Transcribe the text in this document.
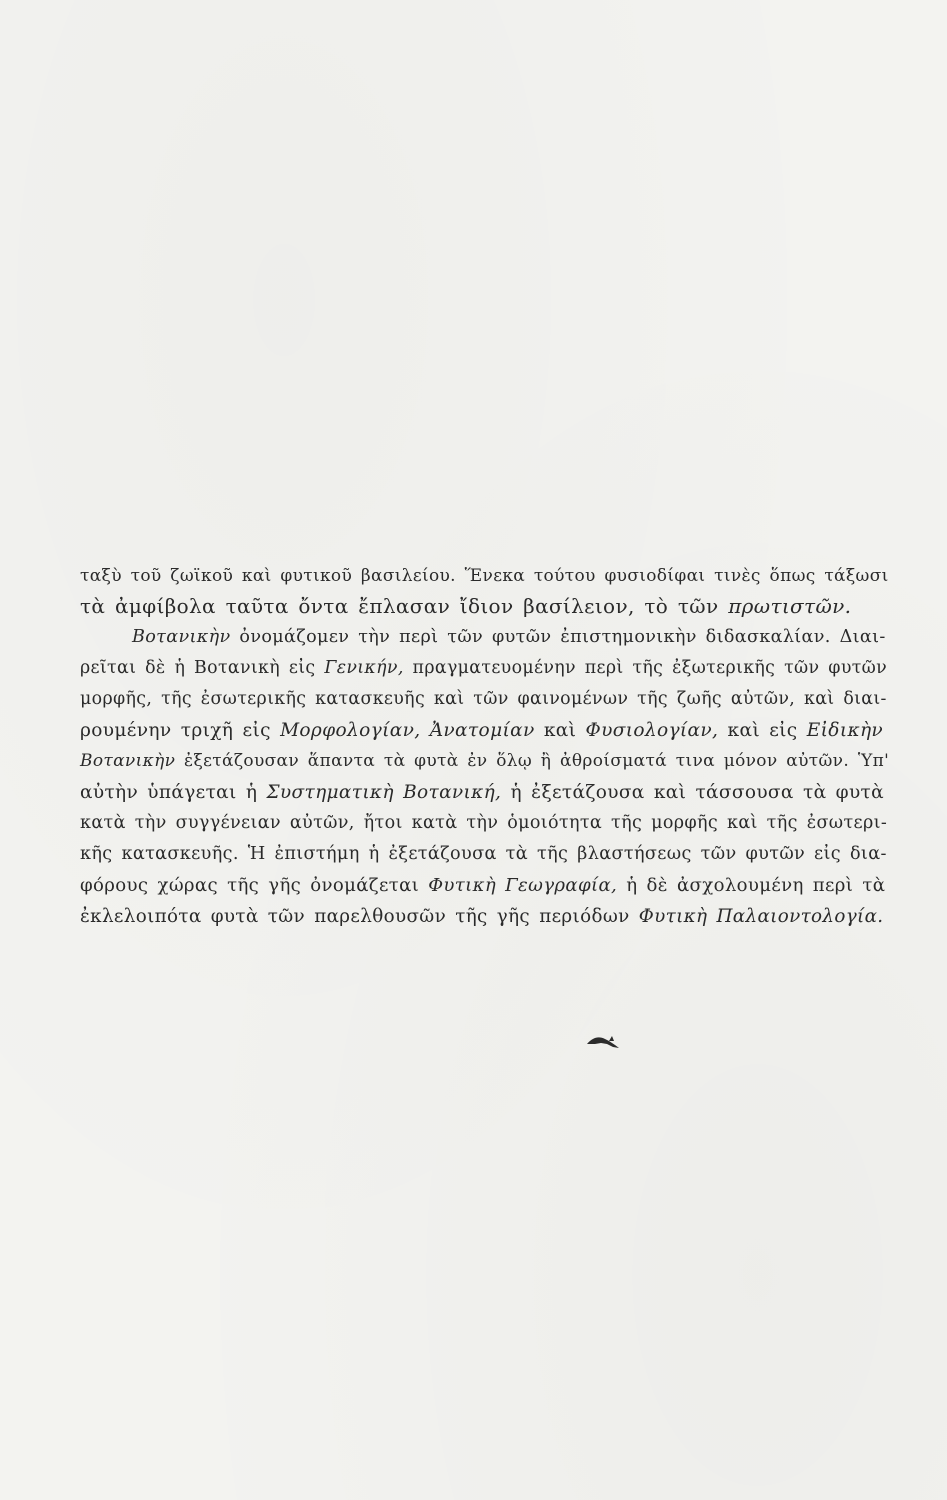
ταξὺ τοῦ ζωϊκοῦ καὶ φυτικοῦ βασιλείου. Ἕνεκα τούτου φυσιοδίφαι τινὲς ὅπως τάξωσι
τὰ ἀμφίβολα ταῦτα ὄντα ἔπλασαν ἴδιον βασίλειον, τὸ τῶν πρωτιστῶν.
Βοτανικὴν ὀνομάζομεν τὴν περὶ τῶν φυτῶν ἐπιστημονικὴν διδασκαλίαν. Διαι-
ρεῖται δὲ ἡ Βοτανικὴ εἰς Γενικήν, πραγματευομένην περὶ τῆς ἐξωτερικῆς τῶν φυτῶν
μορφῆς, τῆς ἐσωτερικῆς κατασκευῆς καὶ τῶν φαινομένων τῆς ζωῆς αὐτῶν, καὶ διαι-
ρουμένην τριχῆ εἰς Μορφολογίαν, Ἀνατομίαν καὶ Φυσιολογίαν, καὶ εἰς Εἰδικὴν
Βοτανικὴν ἐξετάζουσαν ἅπαντα τὰ φυτὰ ἐν ὅλῳ ἢ ἀθροίσματά τινα μόνον αὐτῶν. Ὑπ'
αὐτὴν ὑπάγεται ἡ Συστηματικὴ Βοτανική, ἡ ἐξετάζουσα καὶ τάσσουσα τὰ φυτὰ
κατὰ τὴν συγγένειαν αὐτῶν, ἤτοι κατὰ τὴν ὁμοιότητα τῆς μορφῆς καὶ τῆς ἐσωτερι-
κῆς κατασκευῆς. Ἡ ἐπιστήμη ἡ ἐξετάζουσα τὰ τῆς βλαστήσεως τῶν φυτῶν εἰς δια-
φόρους χώρας τῆς γῆς ὀνομάζεται Φυτικὴ Γεωγραφία, ἡ δὲ ἀσχολουμένη περὶ τὰ
ἐκλελοιπότα φυτὰ τῶν παρελθουσῶν τῆς γῆς περιόδων Φυτικὴ Παλαιοντολογία.
